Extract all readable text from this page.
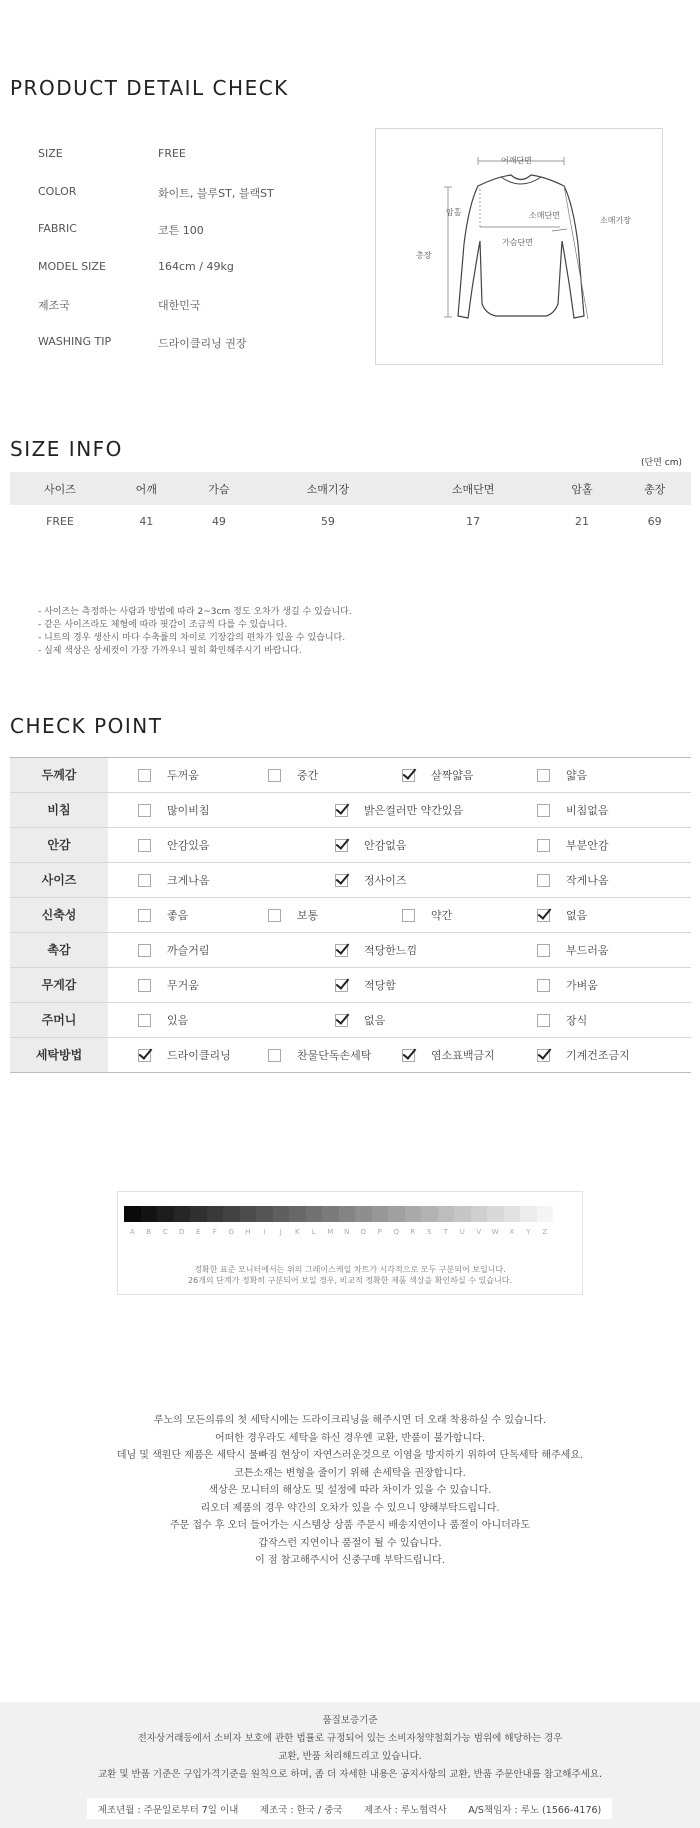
PRODUCT DETAIL CHECK
SIZE	FREE
COLOR	화이트, 블루ST, 블랙ST
FABRIC	코튼 100
MODEL SIZE	164cm / 49kg
제조국	대한민국
WASHING TIP	드라이클리닝 권장
어깨단면
암홀	소매단면
소매기장
총장
가슴단면
SIZE INFO
(단면 cm)
사이즈	어깨	가슴	소매기장	소매단면	암홀	총장
FREE	41	49	59	17	21	69
- 사이즈는 측정하는 사람과 방법에 따라 2~3cm 정도 오차가 생길 수 있습니다.
- 같은 사이즈라도 체형에 따라 핏감이 조금씩 다를 수 있습니다.
- 니트의 경우 생산시 마다 수축률의 차이로 기장감의 편차가 있을 수 있습니다.
- 실제 색상은 상세컷이 가장 가까우니 필히 확인해주시기 바랍니다.
CHECK POINT
두께감	두꺼움	중간	살짝얇음	얇음
비침	많이비침	밝은컬러만 약간있음	비침없음
안감	안감있음	안감없음	부분안감
사이즈	크게나옴	정사이즈	작게나옴
신축성	좋음	보통	약간	없음
촉감	까슬거림	적당한느낌	부드러움
무게감	무거움	적당함	가벼움
주머니	있음	없음	장식
세탁방법	드라이클리닝	찬물단독손세탁	염소표백금지	기계건조금지
정확한 표준 모니터에서는 위의 그레이스케일 차트가 시각적으로 모두 구분되어 보입니다.
26개의 단계가 정확히 구분되어 보일 경우, 비교적 정확한 제품 색상을 확인하실 수 있습니다.
A	B	C	D	E	F	G	H	I	J	K	L	M	N	O	P	Q	R	S	T	U	V	W	X	Y	Z
루노의 모든의류의 첫 세탁시에는 드라이크리닝을 해주시면 더 오래 착용하실 수 있습니다.
어떠한 경우라도 세탁을 하신 경우엔 교환, 반품이 불가합니다.
데님 및 색원단 제품은 세탁시 물빠짐 현상이 자연스러운것으로 이염을 방지하기 위하여 단독세탁 해주세요.
코튼소재는 변형을 줄이기 위해 손세탁을 권장합니다.
색상은 모니터의 해상도 및 설정에 따라 차이가 있을 수 있습니다.
리오더 제품의 경우 약간의 오차가 있을 수 있으니 양해부탁드립니다.
주문 접수 후 오더 들어가는 시스템상 상품 주문시 배송지연이나 품절이 아니더라도
갑작스런 지연이나 품절이 될 수 있습니다.
이 점 참고해주시어 신중구매 부탁드립니다.
품질보증기준
전자상거래등에서 소비자 보호에 관한 법률로 규정되어 있는 소비자청약철회가능 범위에 해당하는 경우
교환, 반품 처리해드리고 있습니다.
교환 및 반품 기준은 구입가격기준을 원칙으로 하며, 좀 더 자세한 내용은 공지사항의 교환, 반품 주문안내를 참고해주세요.
제조년월 : 주문일로부터 7일 이내 제조국 : 한국 / 중국 제조사 : 루노협력사 A/S책임자 : 루노 (1566-4176)
